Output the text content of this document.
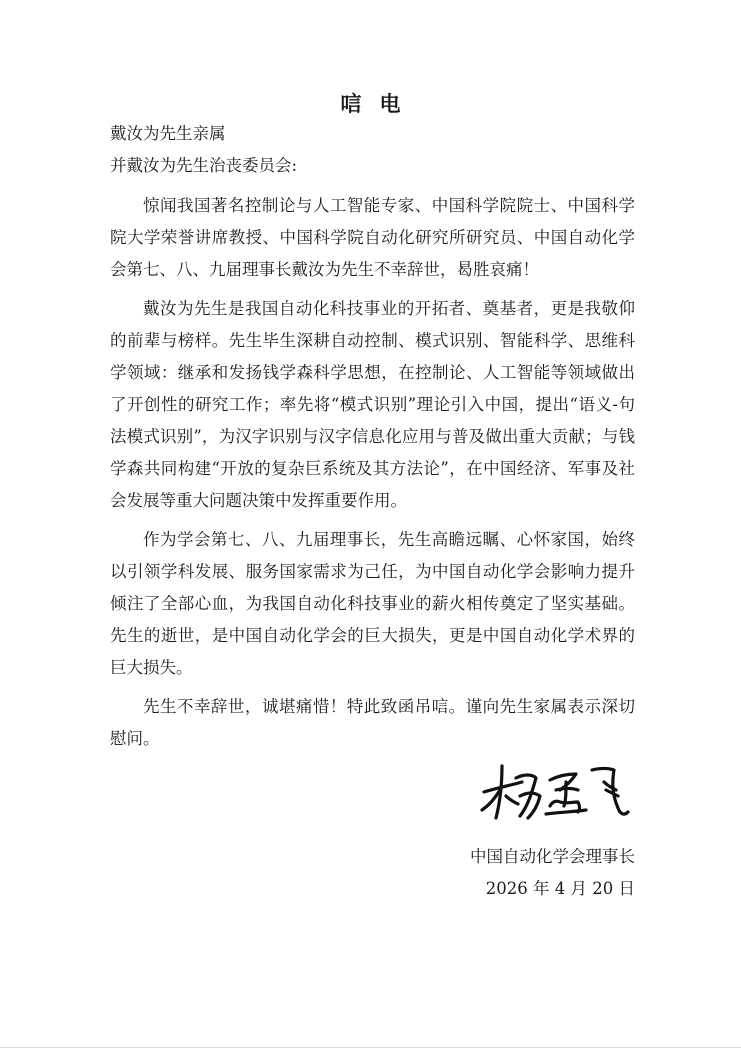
唁电
戴汝为先生亲属
并戴汝为先生治丧委员会:

惊闻我国著名控制论与人工智能专家、中国科学院院士、中国科学院大学荣誉讲席教授、中国科学院自动化研究所研究员、中国自动化学会第七、八、九届理事长戴汝为先生不幸辞世，曷胜哀痛！

戴汝为先生是我国自动化科技事业的开拓者、奠基者，更是我敬仰的前辈与榜样。先生毕生深耕自动控制、模式识别、智能科学、思维科学领域：继承和发扬钱学森科学思想，在控制论、人工智能等领域做出了开创性的研究工作；率先将“模式识别”理论引入中国，提出“语义-句法模式识别”，为汉字识别与汉字信息化应用与普及做出重大贡献；与钱学森共同构建“开放的复杂巨系统及其方法论”，在中国经济、军事及社会发展等重大问题决策中发挥重要作用。

作为学会第七、八、九届理事长，先生高瞻远瞩、心怀家国，始终以引领学科发展、服务国家需求为己任，为中国自动化学会影响力提升倾注了全部心血，为我国自动化科技事业的薪火相传奠定了坚实基础。先生的逝世，是中国自动化学会的巨大损失，更是中国自动化学术界的巨大损失。

先生不幸辞世，诚堪痛惜！特此致函吊唁。谨向先生家属表示深切慰问。

中国自动化学会理事长
2026 年 4 月 20 日
